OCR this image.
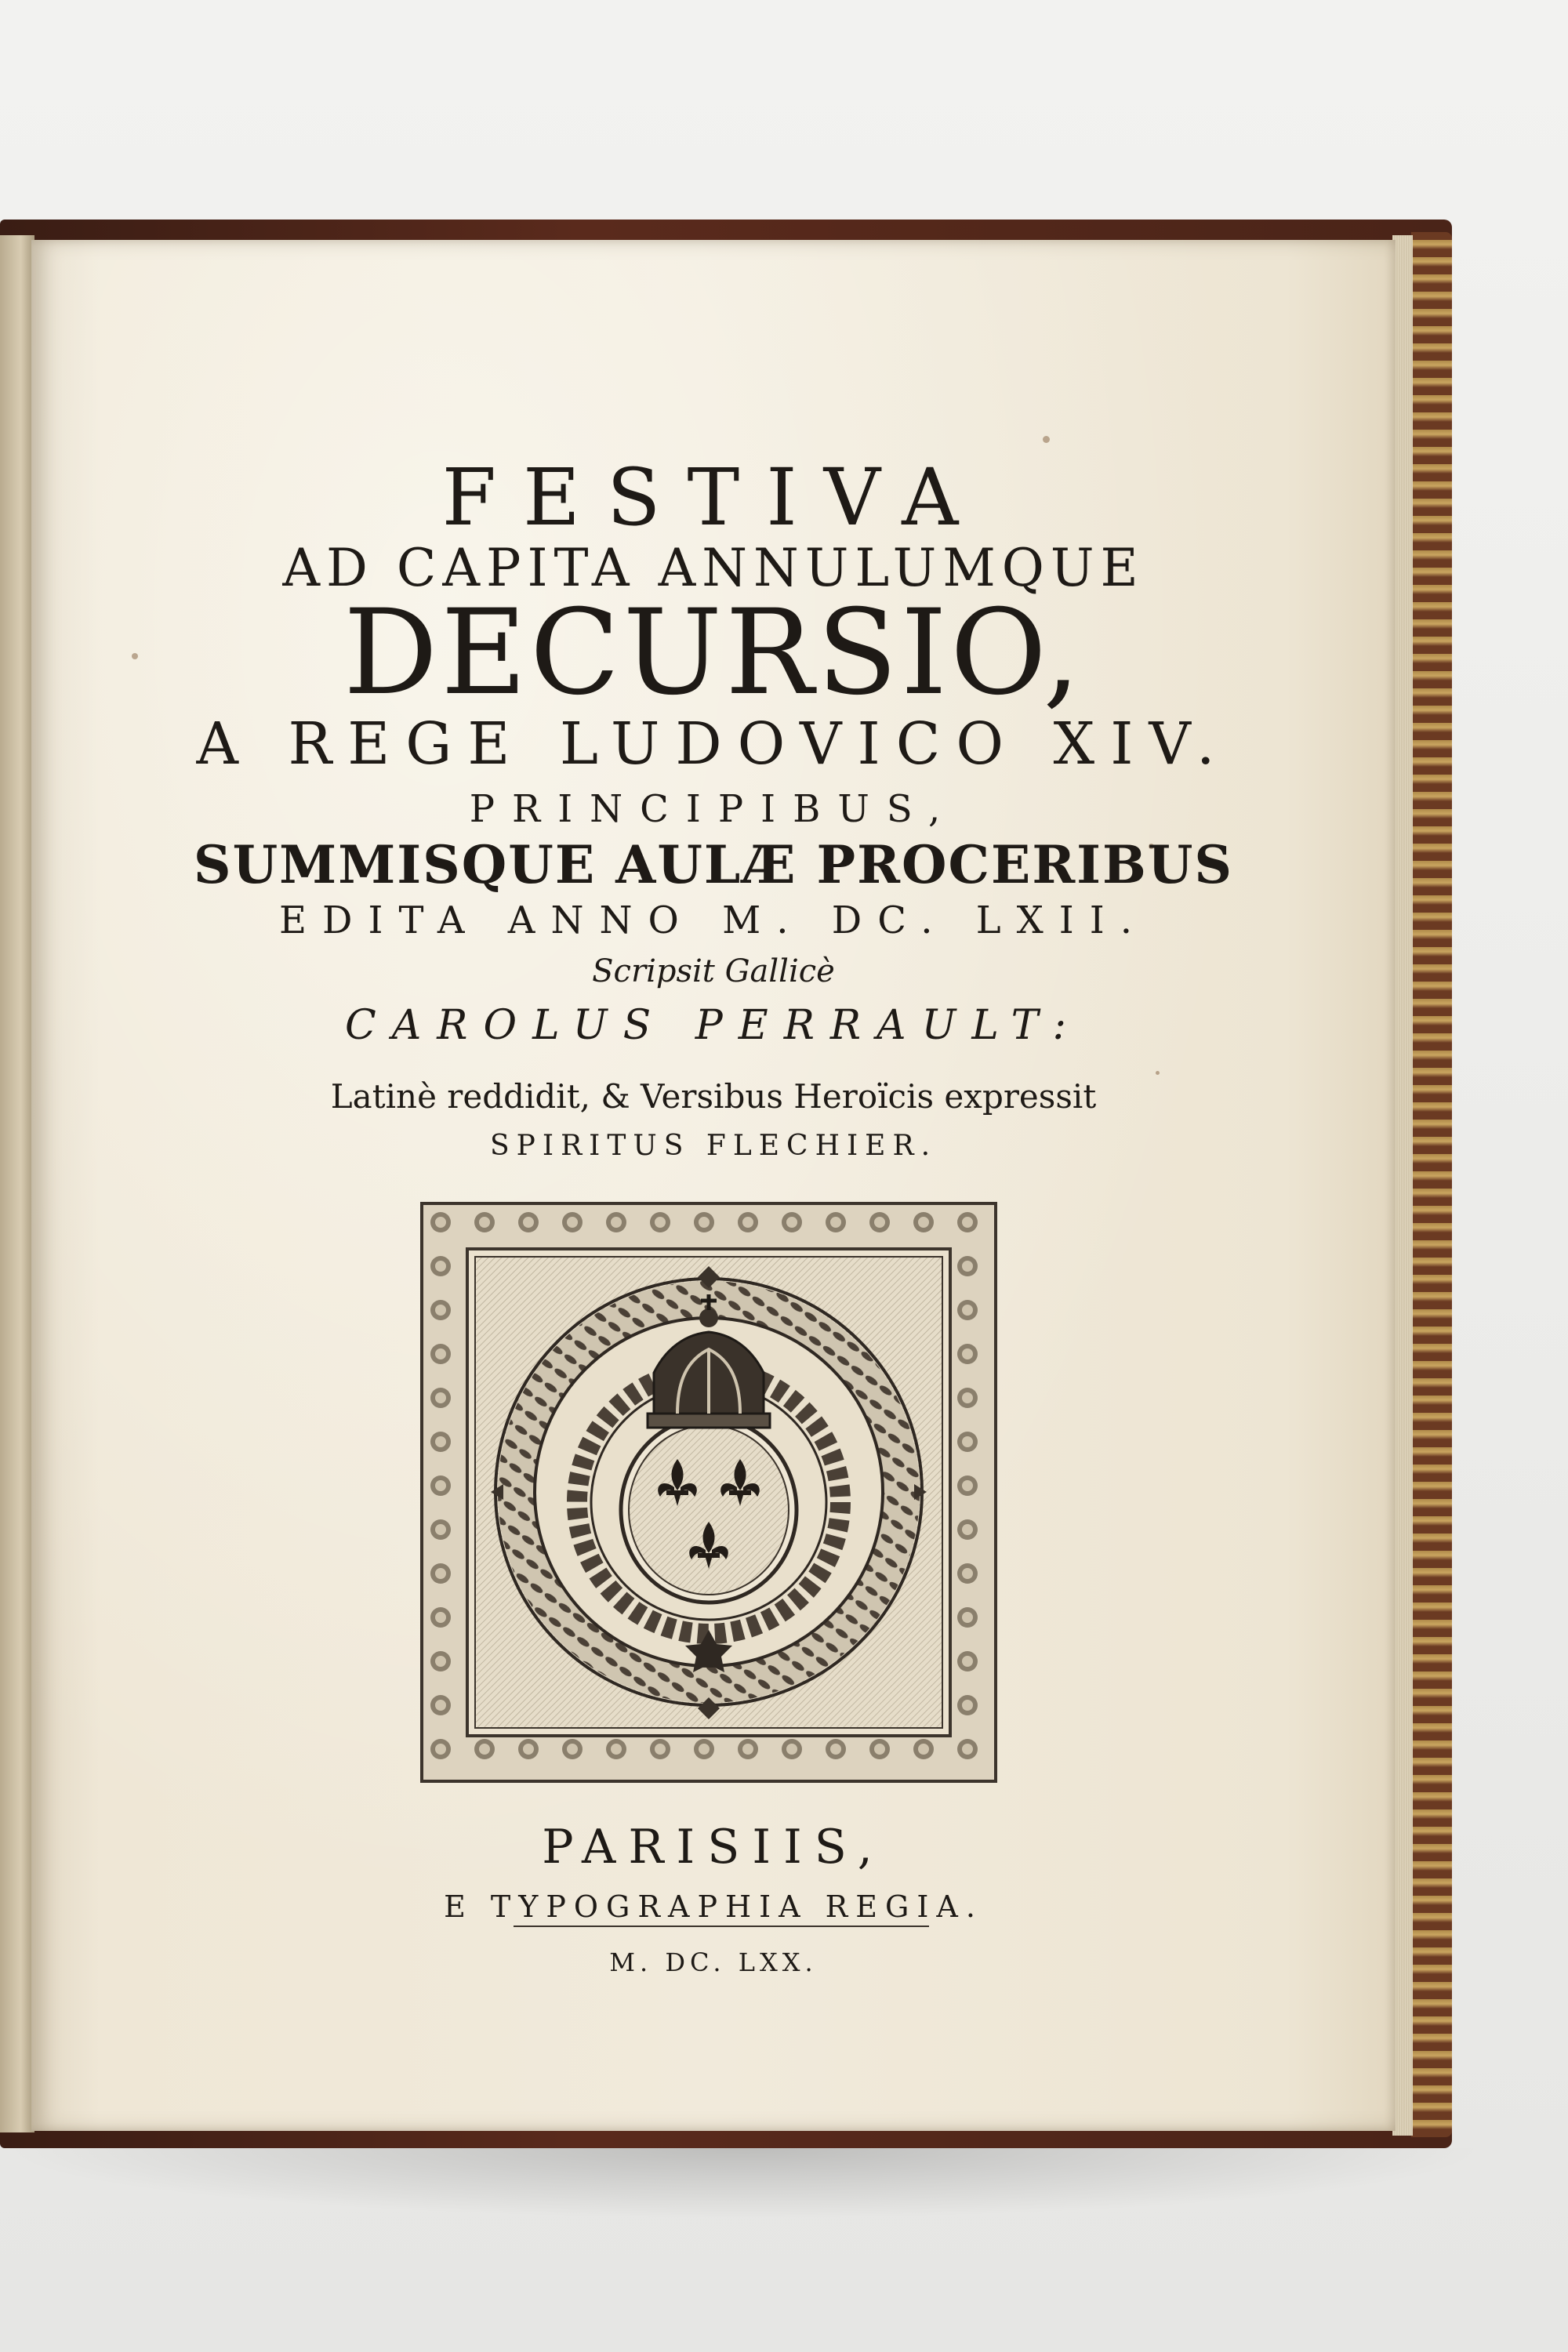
FESTIVA
AD CAPITA ANNULUMQUE
DECURSIO,
A REGE LUDOVICO XIV.
PRINCIPIBUS,
SUMMISQUE AULÆ PROCERIBUS
EDITA ANNO M. DC. LXII.
Scripsit Gallicè
CAROLUS PERRAULT:
Latinè reddidit, & Versibus Heroïcis expressit
SPIRITUS FLECHIER.
PARISIIS,
E TYPOGRAPHIA REGIA.
M. DC. LXX.
